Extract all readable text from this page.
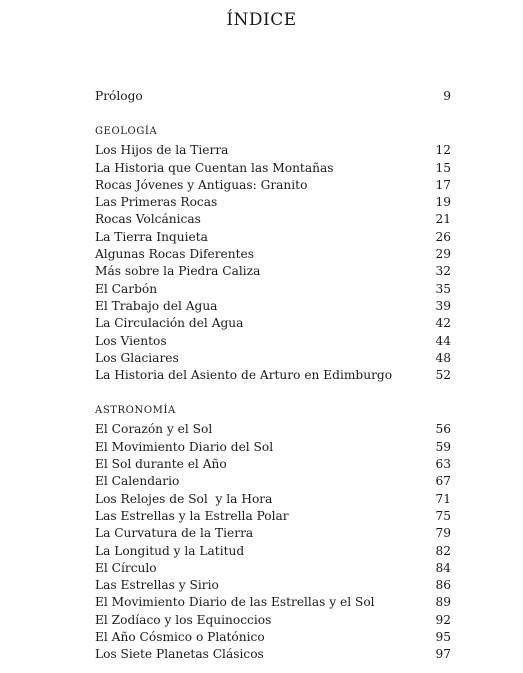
ÍNDICE
Prólogo	9
GEOLOGÍA
Los Hijos de la Tierra	12
La Historia que Cuentan las Montañas	15
Rocas Jóvenes y Antiguas: Granito	17
Las Primeras Rocas	19
Rocas Volcánicas	21
La Tierra Inquieta	26
Algunas Rocas Diferentes	29
Más sobre la Piedra Caliza	32
El Carbón	35
El Trabajo del Agua	39
La Circulación del Agua	42
Los Vientos	44
Los Glaciares	48
La Historia del Asiento de Arturo en Edimburgo	52
ASTRONOMÍA
El Corazón y el Sol	56
El Movimiento Diario del Sol	59
El Sol durante el Año	63
El Calendario	67
Los Relojes de Sol  y la Hora	71
Las Estrellas y la Estrella Polar	75
La Curvatura de la Tierra	79
La Longitud y la Latitud	82
El Círculo	84
Las Estrellas y Sirio	86
El Movimiento Diario de las Estrellas y el Sol	89
El Zodíaco y los Equinoccios	92
El Año Cósmico o Platónico	95
Los Siete Planetas Clásicos	97
